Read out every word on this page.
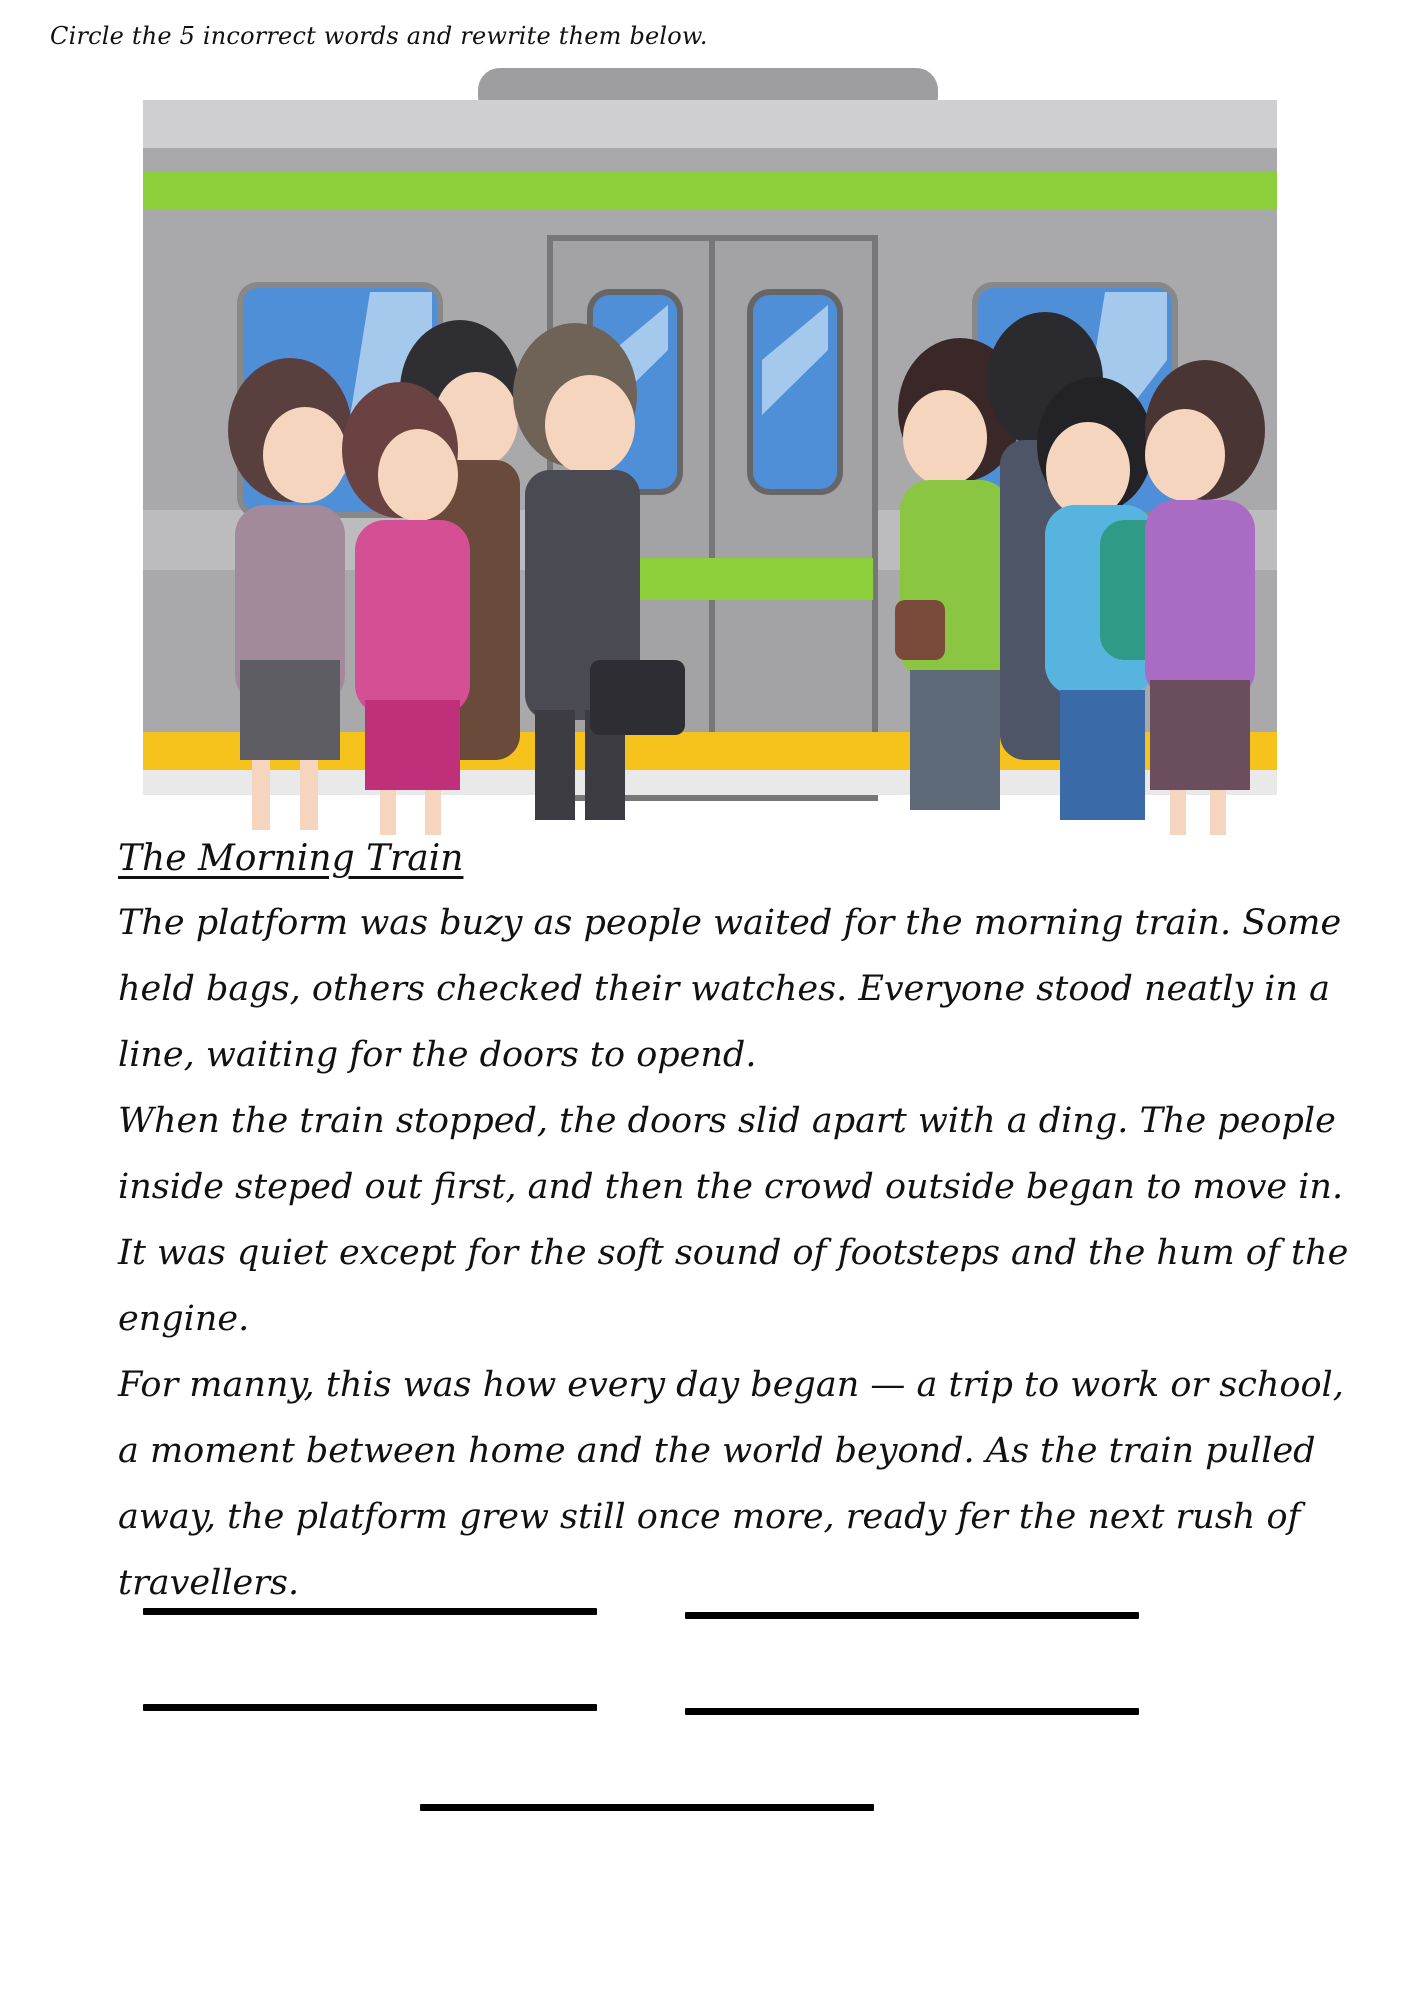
Circle the 5 incorrect words and rewrite them below.
The Morning Train

The platform was buzy as people waited for the morning train. Some held bags, others checked their watches. Everyone stood neatly in a line, waiting for the doors to opend.

When the train stopped, the doors slid apart with a ding. The people inside steped out first, and then the crowd outside began to move in. It was quiet except for the soft sound of footsteps and the hum of the engine.

For manny, this was how every day began — a trip to work or school, a moment between home and the world beyond. As the train pulled away, the platform grew still once more, ready fer the next rush of travellers.
